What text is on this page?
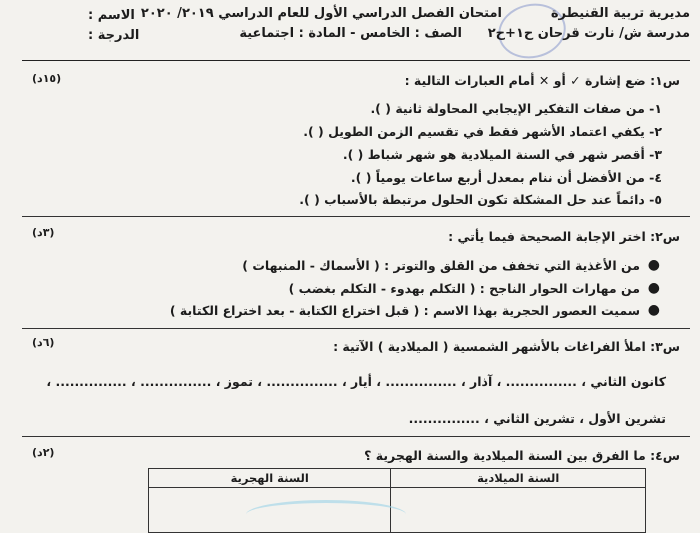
مديرية تربية القنيطرة
مدرسة ش/ نارت قرحان ح١+ح٢
امتحان الفصل الدراسي الأول للعام الدراسي ٢٠١٩/ ٢٠٢٠
الصف : الخامس - المادة : اجتماعية
الاسم :
الدرجة :
س١: ضع إشارة ✓ أو ✕ أمام العبارات التالية :
(١٥د)
١- من صفات التفكير الإيجابي المحاولة ثانية ( ).
٢- يكفي اعتماد الأشهر فقط في تقسيم الزمن الطويل ( ).
٣- أقصر شهر في السنة الميلادية هو شهر شباط ( ).
٤- من الأفضل أن ننام بمعدل أربع ساعات يومياً ( ).
٥- دائماً عند حل المشكلة تكون الحلول مرتبطة بالأسباب ( ).
س٢: اختر الإجابة الصحيحة فيما يأتي :
(٣د)
●
من الأغذية التي تخفف من القلق والتوتر : ( الأسماك - المنبهات )
●
من مهارات الحوار الناجح : ( التكلم بهدوء - التكلم بغضب )
●
سميت العصور الحجرية بهذا الاسم : ( قبل اختراع الكتابة - بعد اختراع الكتابة )
س٣: املأ الفراغات بالأشهر الشمسية ( الميلادية ) الآتية :
(٦د)
كانون الثاني ، ............... ، آذار ، ............... ، أيار ، ............... ، تموز ، ............... ، ............... ،
تشرين الأول ، تشرين الثاني ، ...............
س٤: ما الفرق بين السنة الميلادية والسنة الهجرية ؟
(٢د)
السنة الميلادية	السنة الهجرية
